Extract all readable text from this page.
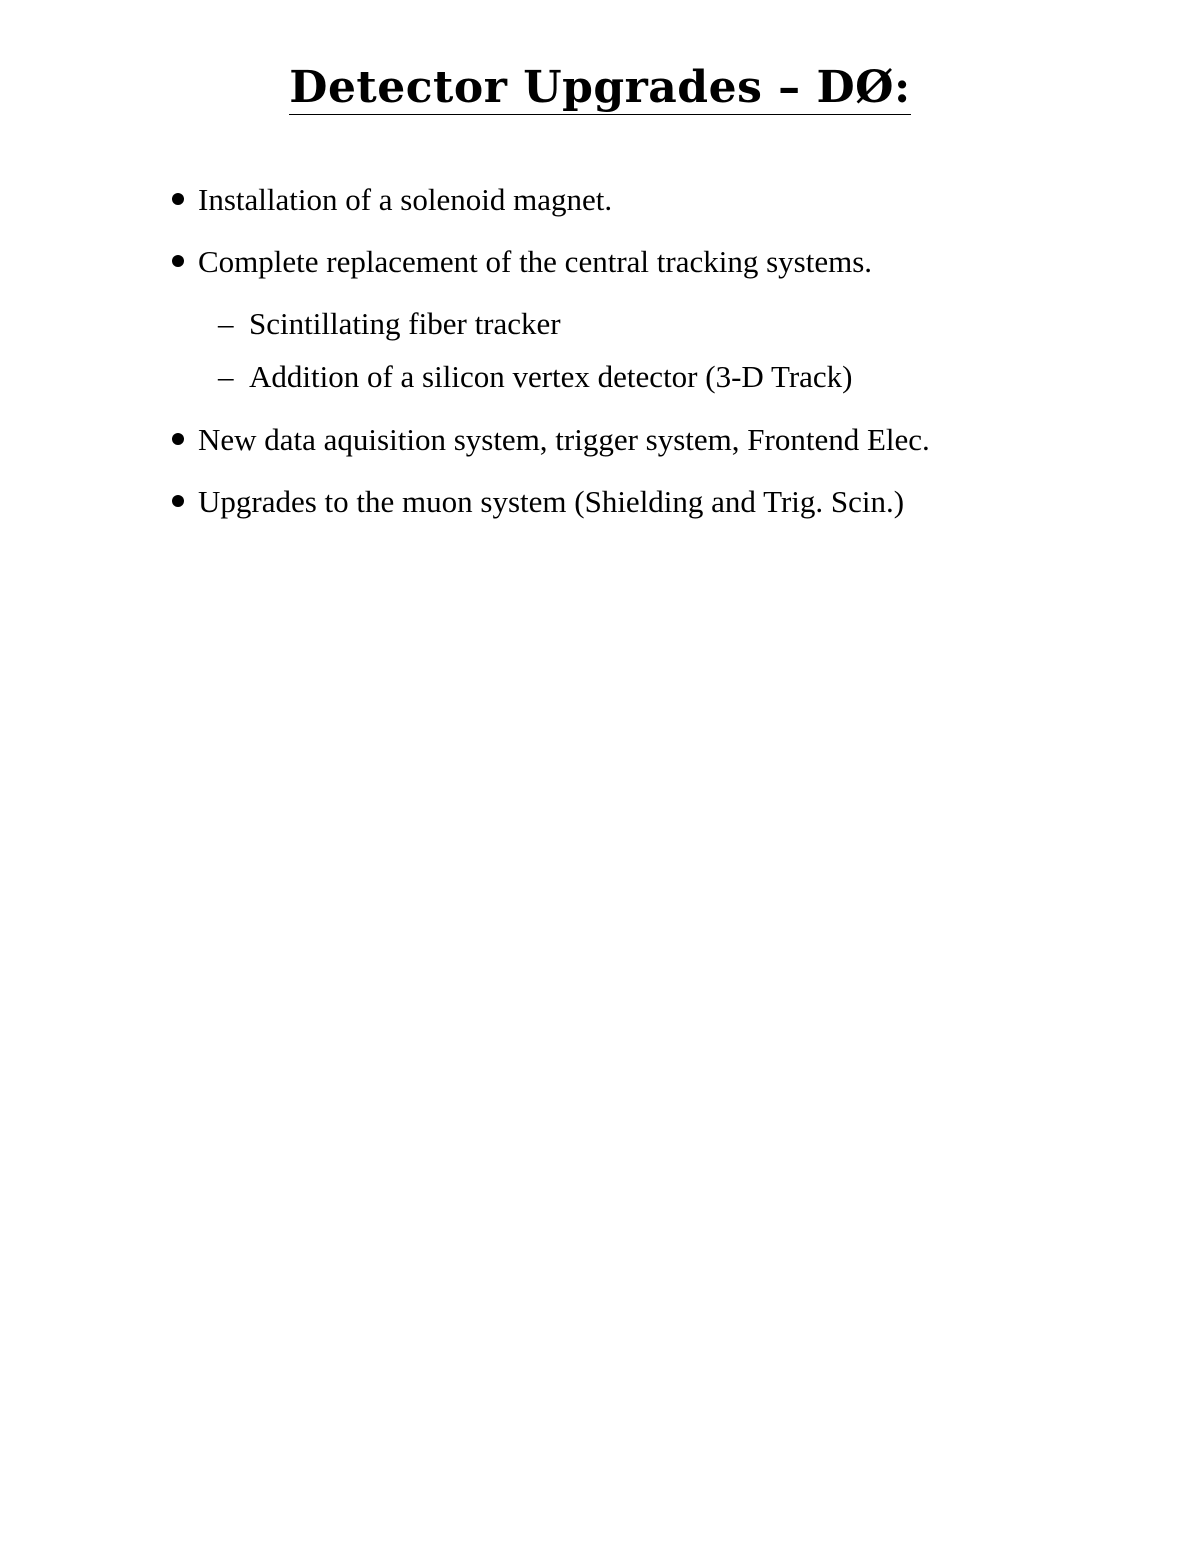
Detector Upgrades – DØ:
Installation of a solenoid magnet.
Complete replacement of the central tracking systems.
– Scintillating fiber tracker
– Addition of a silicon vertex detector (3-D Track)
New data aquisition system, trigger system, Frontend Elec.
Upgrades to the muon system (Shielding and Trig. Scin.)
